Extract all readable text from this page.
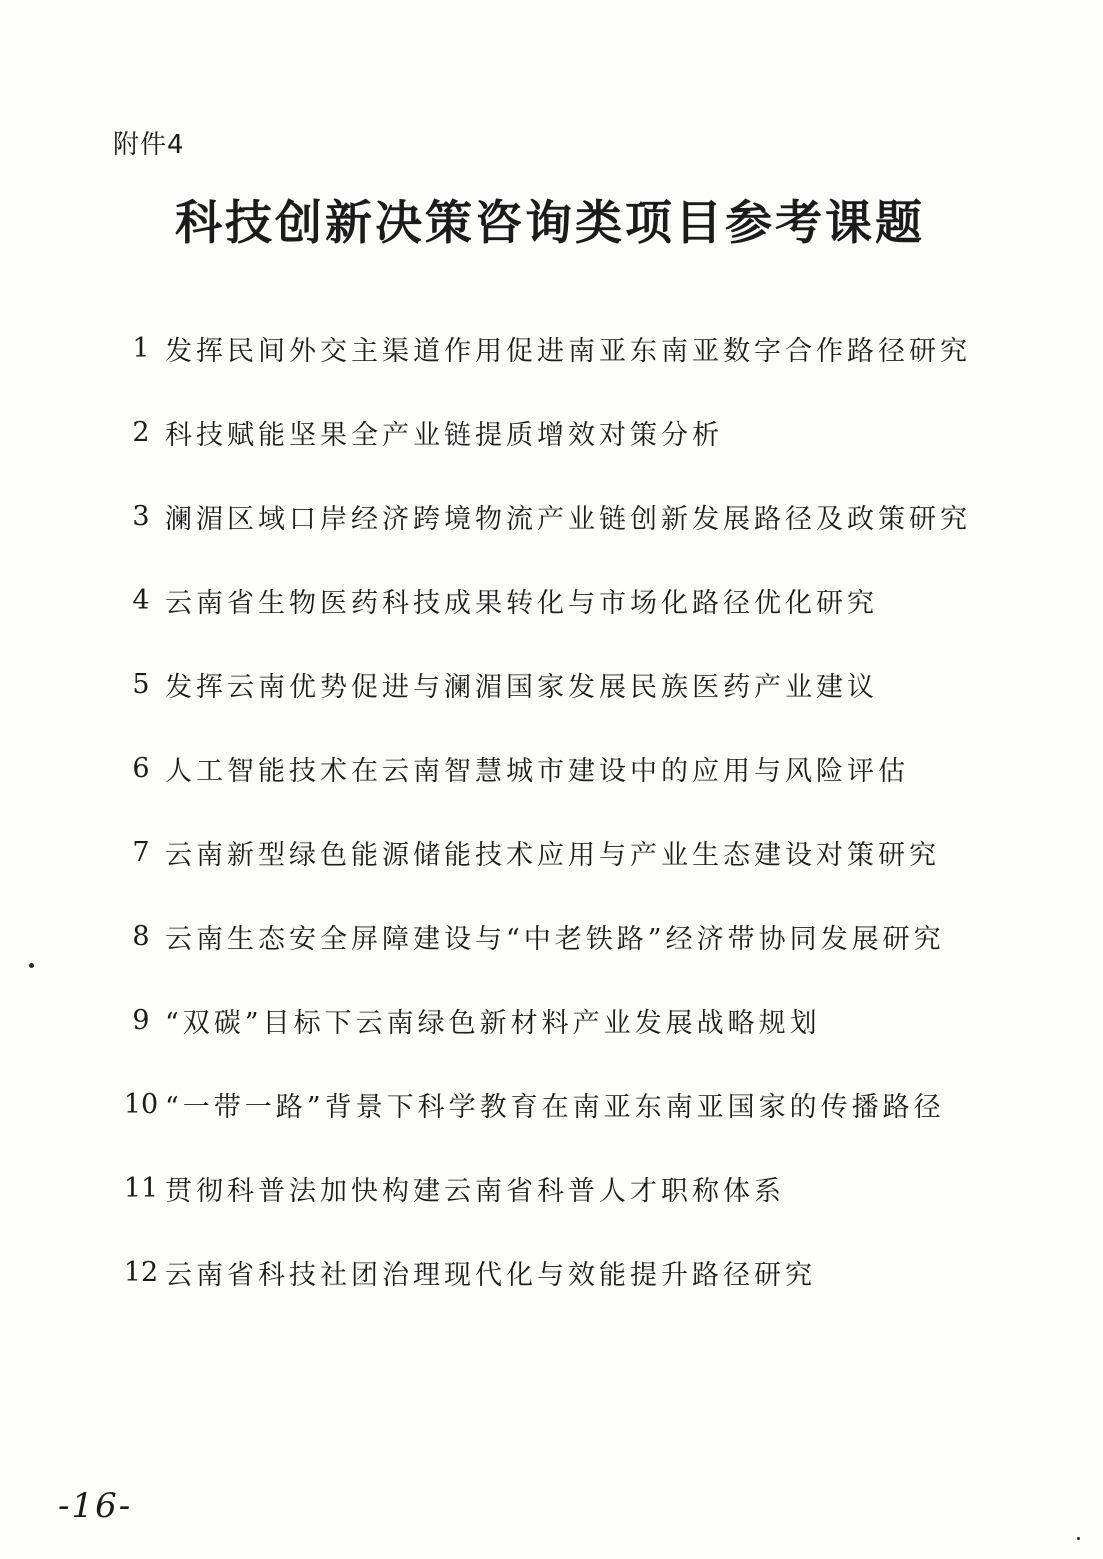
附件4
科技创新决策咨询类项目参考课题
1 发挥民间外交主渠道作用促进南亚东南亚数字合作路径研究
2 科技赋能坚果全产业链提质增效对策分析
3 澜湄区域口岸经济跨境物流产业链创新发展路径及政策研究
4 云南省生物医药科技成果转化与市场化路径优化研究
5 发挥云南优势促进与澜湄国家发展民族医药产业建议
6 人工智能技术在云南智慧城市建设中的应用与风险评估
7 云南新型绿色能源储能技术应用与产业生态建设对策研究
8 云南生态安全屏障建设与“中老铁路”经济带协同发展研究
9 “双碳”目标下云南绿色新材料产业发展战略规划
10 “一带一路”背景下科学教育在南亚东南亚国家的传播路径
11 贯彻科普法加快构建云南省科普人才职称体系
12 云南省科技社团治理现代化与效能提升路径研究
-16-
